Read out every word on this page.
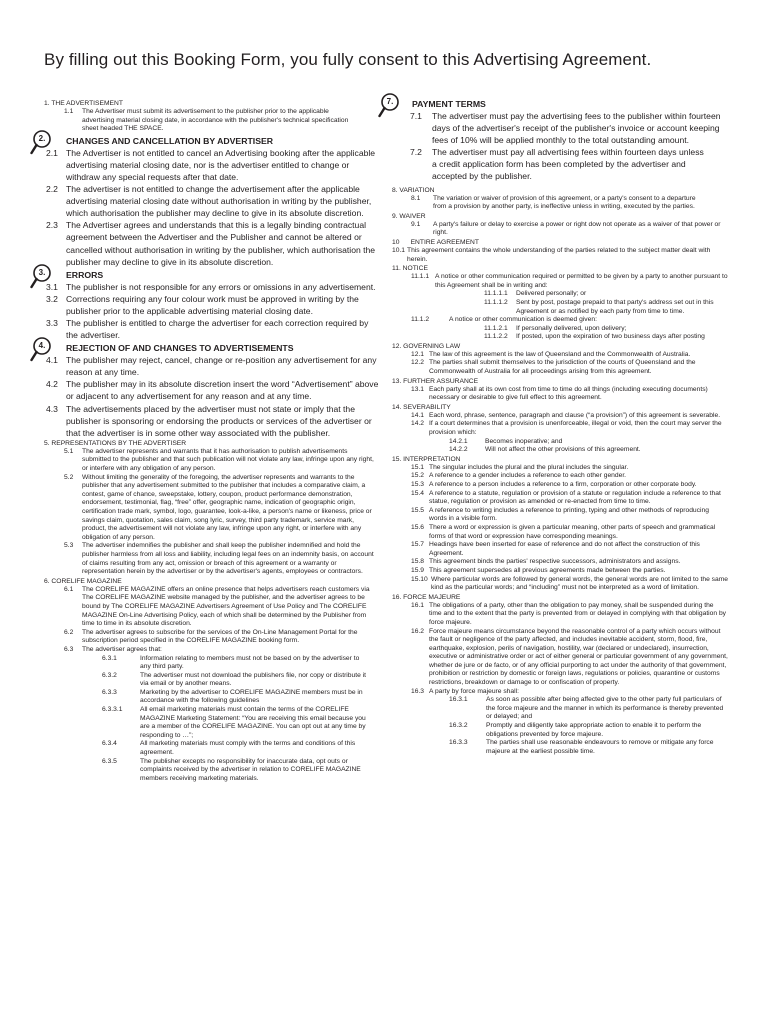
By filling out this Booking Form, you fully consent to this Advertising Agreement.
1. THE ADVERTISEMENT
1.1	The Advertiser must submit its advertisement to the publisher prior to the applicable advertising material closing date, in accordance with the publisher's technical specification sheet headed THE SPACE.
2.	CHANGES AND CANCELLATION BY ADVERTISER
2.1 The Advertiser is not entitled to cancel an Advertising booking after the applicable advertising material closing date, nor is the advertiser entitled to change or withdraw any special requests after that date.
2.2 The advertiser is not entitled to change the advertisement after the applicable advertising material closing date without authorisation in writing by the publisher, which authorisation the publisher may decline to give in its absolute discretion.
2.3 The Advertiser agrees and understands that this is a legally binding contractual agreement between the Advertiser and the Publisher and cannot be altered or cancelled without authorisation in writing by the publisher, which authorisation the publisher may decline to give in its absolute discretion.
3.	ERRORS
3.1 The publisher is not responsible for any errors or omissions in any advertisement.
3.2 Corrections requiring any four colour work must be approved in writing by the publisher prior to the applicable advertising material closing date.
3.3 The publisher is entitled to charge the advertiser for each correction required by the advertiser.
4.	REJECTION OF AND CHANGES TO ADVERTISEMENTS
4.1 The publisher may reject, cancel, change or re-position any advertisement for any reason at any time.
4.2 The publisher may in its absolute discretion insert the word “Advertisement” above or adjacent to any advertisement for any reason and at any time.
4.3 The advertisements placed by the advertiser must not state or imply that the publisher is sponsoring or endorsing the products or services of the advertiser or that the advertiser is in some other way associated with the publisher.
5. REPRESENTATIONS BY THE ADVERTISER
5.1	The advertiser represents and warrants that it has authorisation to publish advertisements submitted to the publisher and that such publication will not violate any law, infringe upon any right, or interfere with any obligation of any person.
5.2	Without limiting the generality of the foregoing, the advertiser represents and warrants to the publisher that any advertisement submitted to the publisher that includes a comparative claim, a contest, game of chance, sweepstake, lottery, coupon, product performance demonstration, endorsement, testimonial, flag, “free” offer, geographic name, indication of geographic origin, certification trade mark, symbol, logo, guarantee, look-a-like, a person's name or likeness, price or savings claim, quotation, sales claim, song lyric, survey, third party trademark, service mark, product, the advertisement will not violate any law, infringe upon any right, or interfere with any obligation of any person.
5.3	The advertiser indemnifies the publisher and shall keep the publisher indemnified and hold the publisher harmless from all loss and liability, including legal fees on an indemnity basis, on account of claims resulting from any act, omission or breach of this agreement or a warranty or representation herein by the advertiser or by the advertiser's agents, employees or contractors.
6. CORELIFE MAGAZINE
6.1	The CORELIFE MAGAZINE offers an online presence that helps advertisers reach customers via The CORELIFE MAGAZINE website managed by the publisher, and the advertiser agrees to be bound by The CORELIFE MAGAZINE Advertisers Agreement of Use Policy and The CORELIFE MAGAZINE On-Line Advertising Policy, each of which shall be determined by the Publisher from time to time in its absolute discretion.
6.2	The advertiser agrees to subscribe for the services of the On-Line Management Portal for the subscription period specified in the CORELIFE MAGAZINE booking form.
6.3	The advertiser agrees that:
6.3.1	Information relating to members must not be based on by the advertiser to any third party.
6.3.2	The advertiser must not download the publishers file, nor copy or distribute it via email or by another means.
6.3.3	Marketing by the advertiser to CORELIFE MAGAZINE members must be in accordance with the following guidelines
6.3.3.1	All email marketing materials must contain the terms of the CORELIFE MAGAZINE Marketing Statement: “You are receiving this email because you are a member of the CORELIFE MAGAZINE. You can opt out at any time by responding to …”;
6.3.4	All marketing materials must comply with the terms and conditions of this agreement.
6.3.5	The publisher excepts no responsibility for inaccurate data, opt outs or complaints received by the advertiser in relation to CORELIFE MAGAZINE members receiving marketing materials.
7.	PAYMENT TERMS
7.1	The advertiser must pay the advertising fees to the publisher within fourteen days of the advertiser's receipt of the publisher's invoice or account keeping fees of 10% will be applied monthly to the total outstanding amount.
7.2	The advertiser must pay all advertising fees within fourteen days unless a credit application form has been completed by the advertiser and accepted by the publisher.
8. VARIATION
8.1	The variation or waiver of provision of this agreement, or a party's consent to a departure from a provision by another party, is ineffective unless in writing, executed by the parties.
9. WAIVER
9.1	A party's failure or delay to exercise a power or right dow not operate as a waiver of that power or right.
10      ENTIRE AGREEMENT
10.1 This agreement contains the whole understanding of the parties related to the subject matter dealt with herein.
11. NOTICE
11.1.1 A notice or other communication required or permitted to be given by a party to another pursuant to this Agreement shall be in writing and:
11.1.1.1	Delivered personally; or
11.1.1.2	Sent by post, postage prepaid to that party's address set out in this Agreement or as notified by each party from time to time.
11.1.2	A notice or other communication is deemed given:
11.1.2.1	If personally delivered, upon delivery;
11.1.2.2	If posted, upon the expiration of two business days after posting
12. GOVERNING LAW
12.1 The law of this agreement is the law of Queensland and the Commonwealth of Australia.
12.2 The parties shall submit themselves to the jurisdiction of the courts of Queensland and the Commonwealth of Australia for all proceedings arising from this agreement.
13. FURTHER ASSURANCE
13.1 Each party shall at its own cost from time to time do all things (including executing documents) necessary or desirable to give full effect to this agreement.
14. SEVERABILITY
14.1 Each word, phrase, sentence, paragraph and clause (“a provision”) of this agreement is severable.
14.2 If a court determines that a provision is unenforceable, illegal or void, then the court may server the provision which:
14.2.1	Becomes inoperative; and
14.2.2	Will not affect the other provisions of this agreement.
15. INTERPRETATION
15.1 The singular includes the plural and the plural includes the singular.
15.2 A reference to a gender includes a reference to each other gender.
15.3 A reference to a person includes a reference to a firm, corporation or other corporate body.
15.4 A reference to a statute, regulation or provision of a statute or regulation include a reference to that statue, regulation or provision as amended or re-enacted from time to time.
15.5 A reference to writing includes a reference to printing, typing and other methods of reproducing words in a visible form.
15.6 There a word or expression is given a particular meaning, other parts of speech and grammatical forms of that word or expression have corresponding meanings.
15.7 Headings have been inserted for ease of reference and do not affect the construction of this Agreement.
15.8 This agreement binds the parties' respective successors, administrators and assigns.
15.9 This agreement supersedes all previous agreements made between the parties.
15.10 Where particular words are followed by general words, the general words are not limited to the same kind as the particular words; and “including” must not be interpreted as a word of limitation.
16. FORCE MAJEURE
16.1 The obligations of a party, other than the obligation to pay money, shall be suspended during the time and to the extent that the party is prevented from or delayed in complying with that obligation by force majeure.
16.2 Force majeure means circumstance beyond the reasonable control of a party which occurs without the fault or negligence of the party affected, and includes inevitable accident, storm, flood, fire, earthquake, explosion, perils of navigation, hostility, war (declared or undeclared), insurrection, executive or administrative order or act of either general or particular government of any government, whether de jure or de facto, or of any official purporting to act under the authority of that government, prohibition or restriction by domestic or foreign laws, regulations or policies, quarantine or customs restrictions, breakdown or damage to or confiscation of property.
16.3 A party by force majeure shall:
16.3.1	As soon as possible after being affected give to the other party full particulars of the force majeure and the manner in which its performance is thereby prevented or delayed; and
16.3.2	Promptly and diligently take appropriate action to enable it to perform the obligations prevented by force majeure.
16.3.3	The parties shall use reasonable endeavours to remove or mitigate any force majeure at the earliest possible time.
